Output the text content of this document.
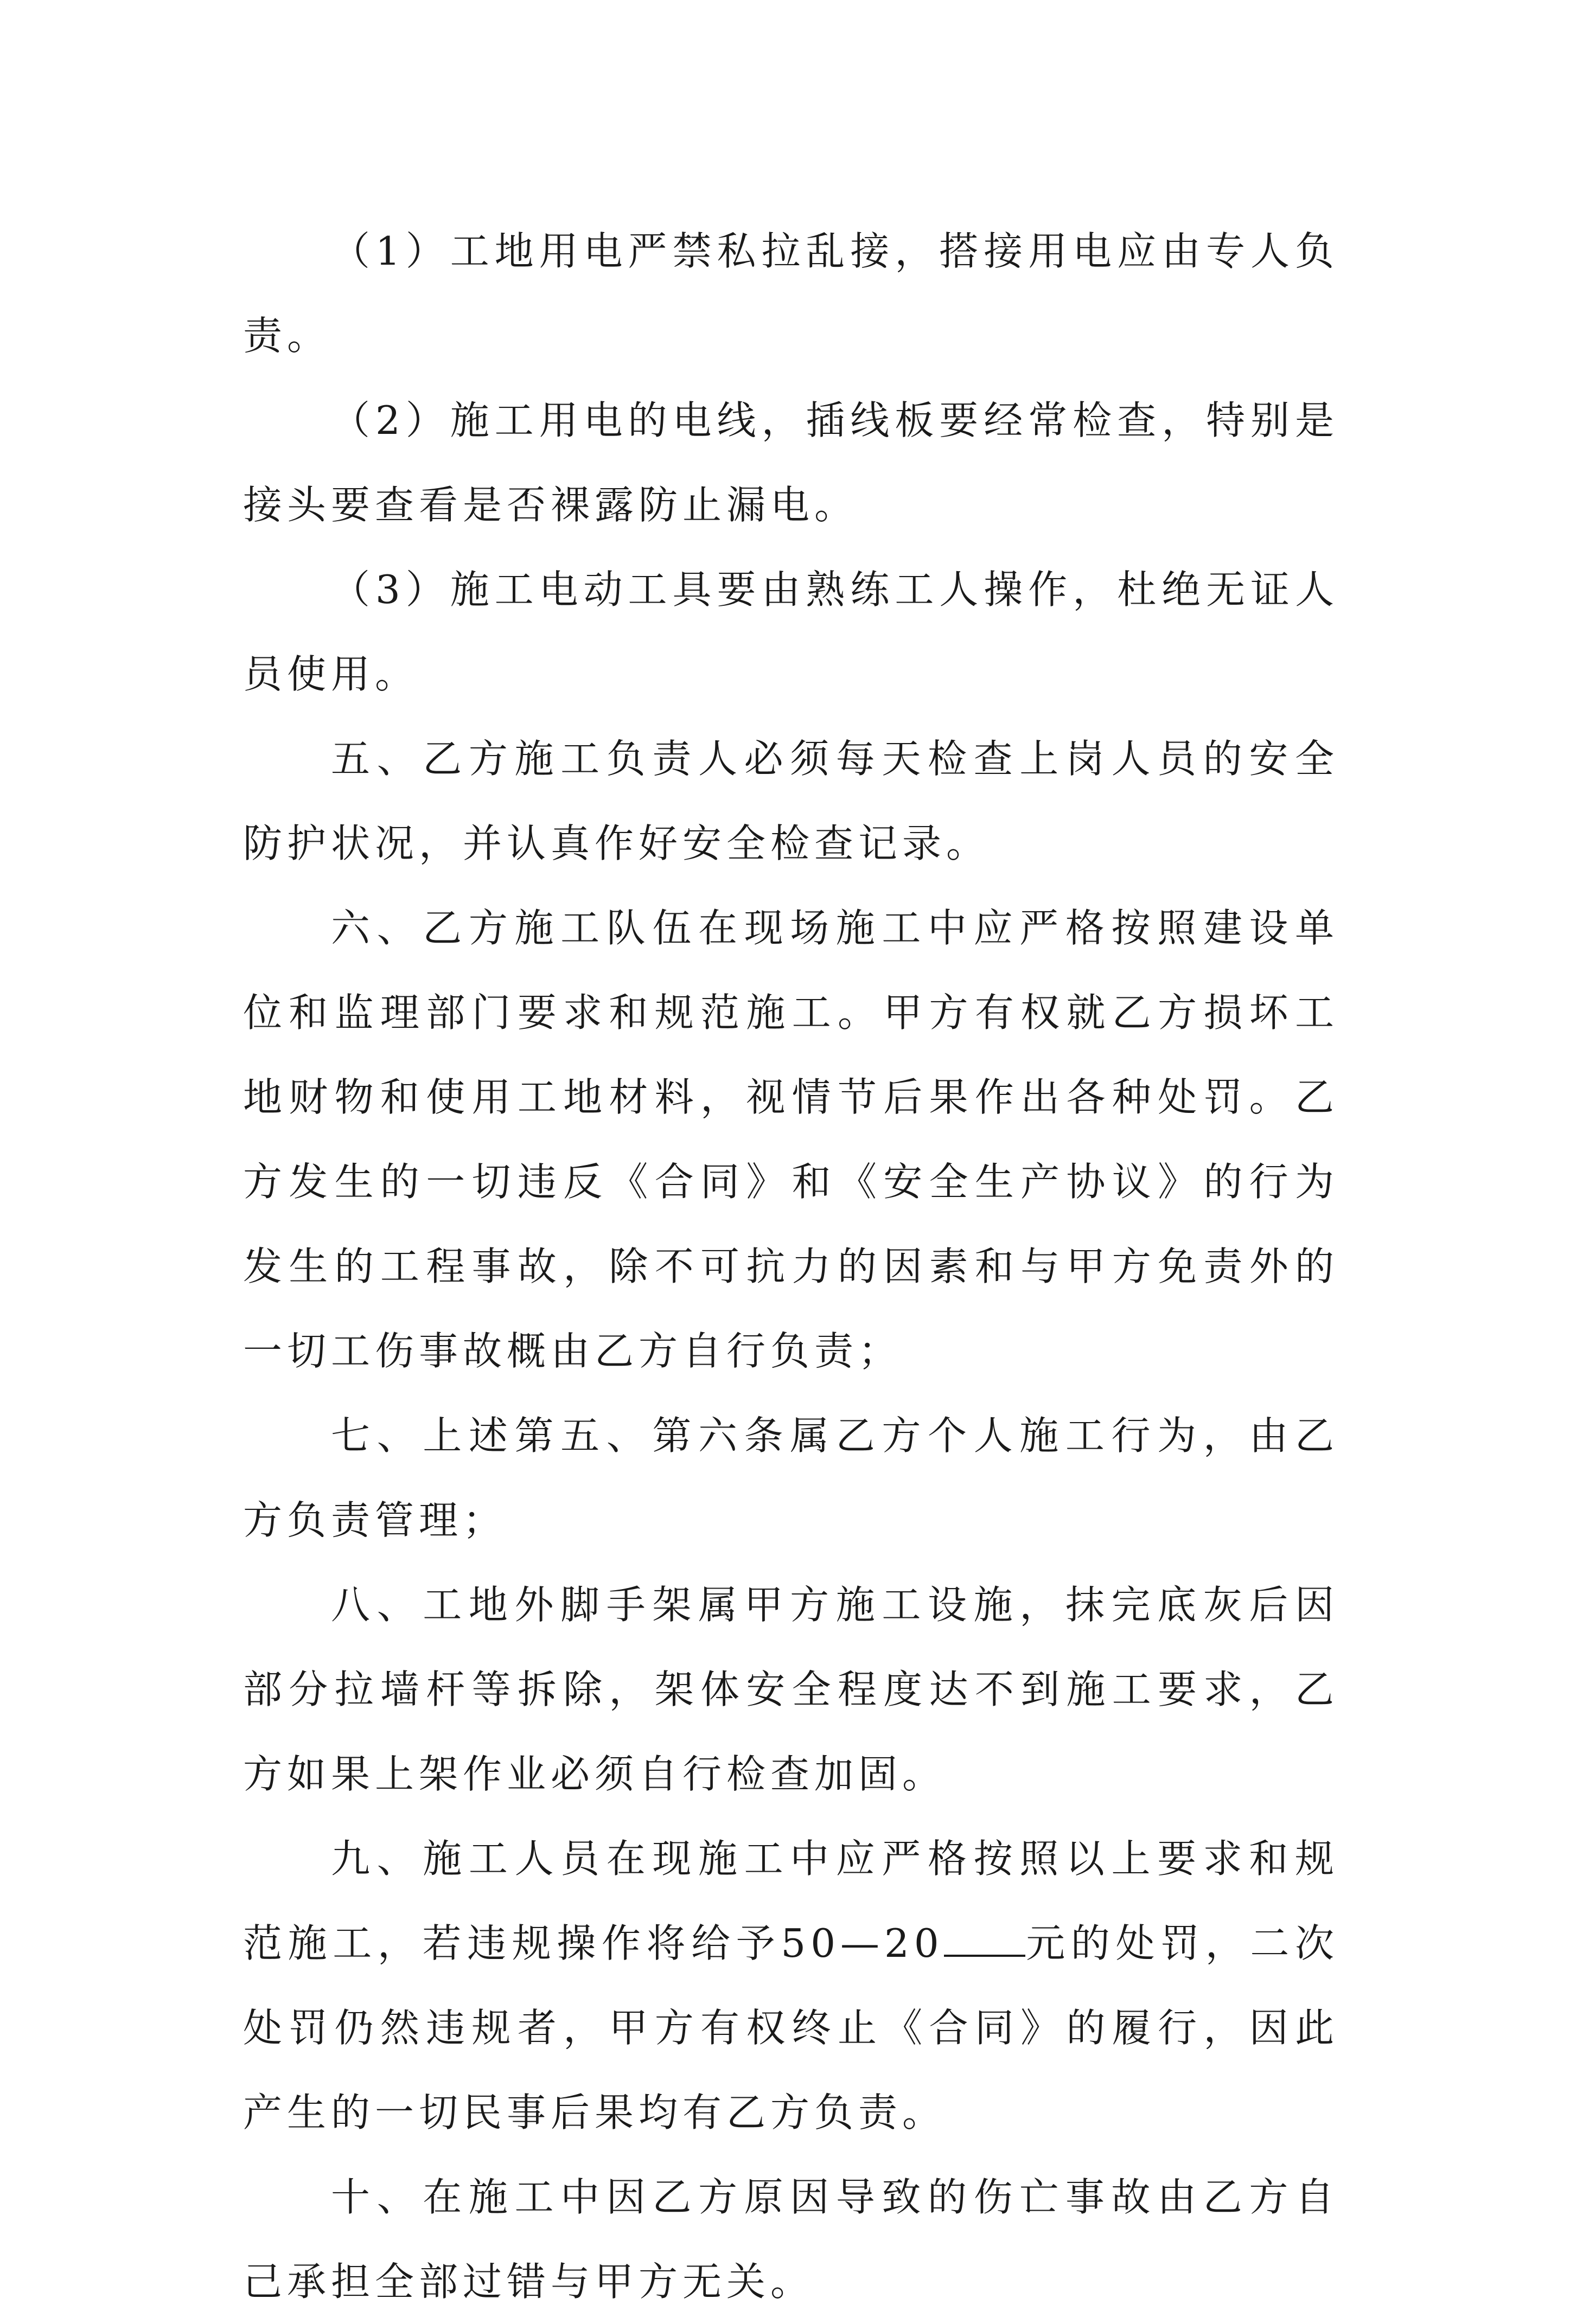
（1）工地用电严禁私拉乱接，搭接用电应由专人负责。

（2）施工用电的电线，插线板要经常检查，特别是接头要查看是否裸露防止漏电。

（3）施工电动工具要由熟练工人操作，杜绝无证人员使用。

五、乙方施工负责人必须每天检查上岗人员的安全防护状况，并认真作好安全检查记录。

六、乙方施工队伍在现场施工中应严格按照建设单位和监理部门要求和规范施工。甲方有权就乙方损坏工地财物和使用工地材料，视情节后果作出各种处罚。乙方发生的一切违反《合同》和《安全生产协议》的行为发生的工程事故，除不可抗力的因素和与甲方免责外的一切工伤事故概由乙方自行负责；

七、上述第五、第六条属乙方个人施工行为，由乙方负责管理；

八、工地外脚手架属甲方施工设施，抹完底灰后因部分拉墙杆等拆除，架体安全程度达不到施工要求，乙方如果上架作业必须自行检查加固。

九、施工人员在现施工中应严格按照以上要求和规范施工，若违规操作将给予50—20 元的处罚，二次处罚仍然违规者，甲方有权终止《合同》的履行，因此产生的一切民事后果均有乙方负责。

十、在施工中因乙方原因导致的伤亡事故由乙方自己承担全部过错与甲方无关。
